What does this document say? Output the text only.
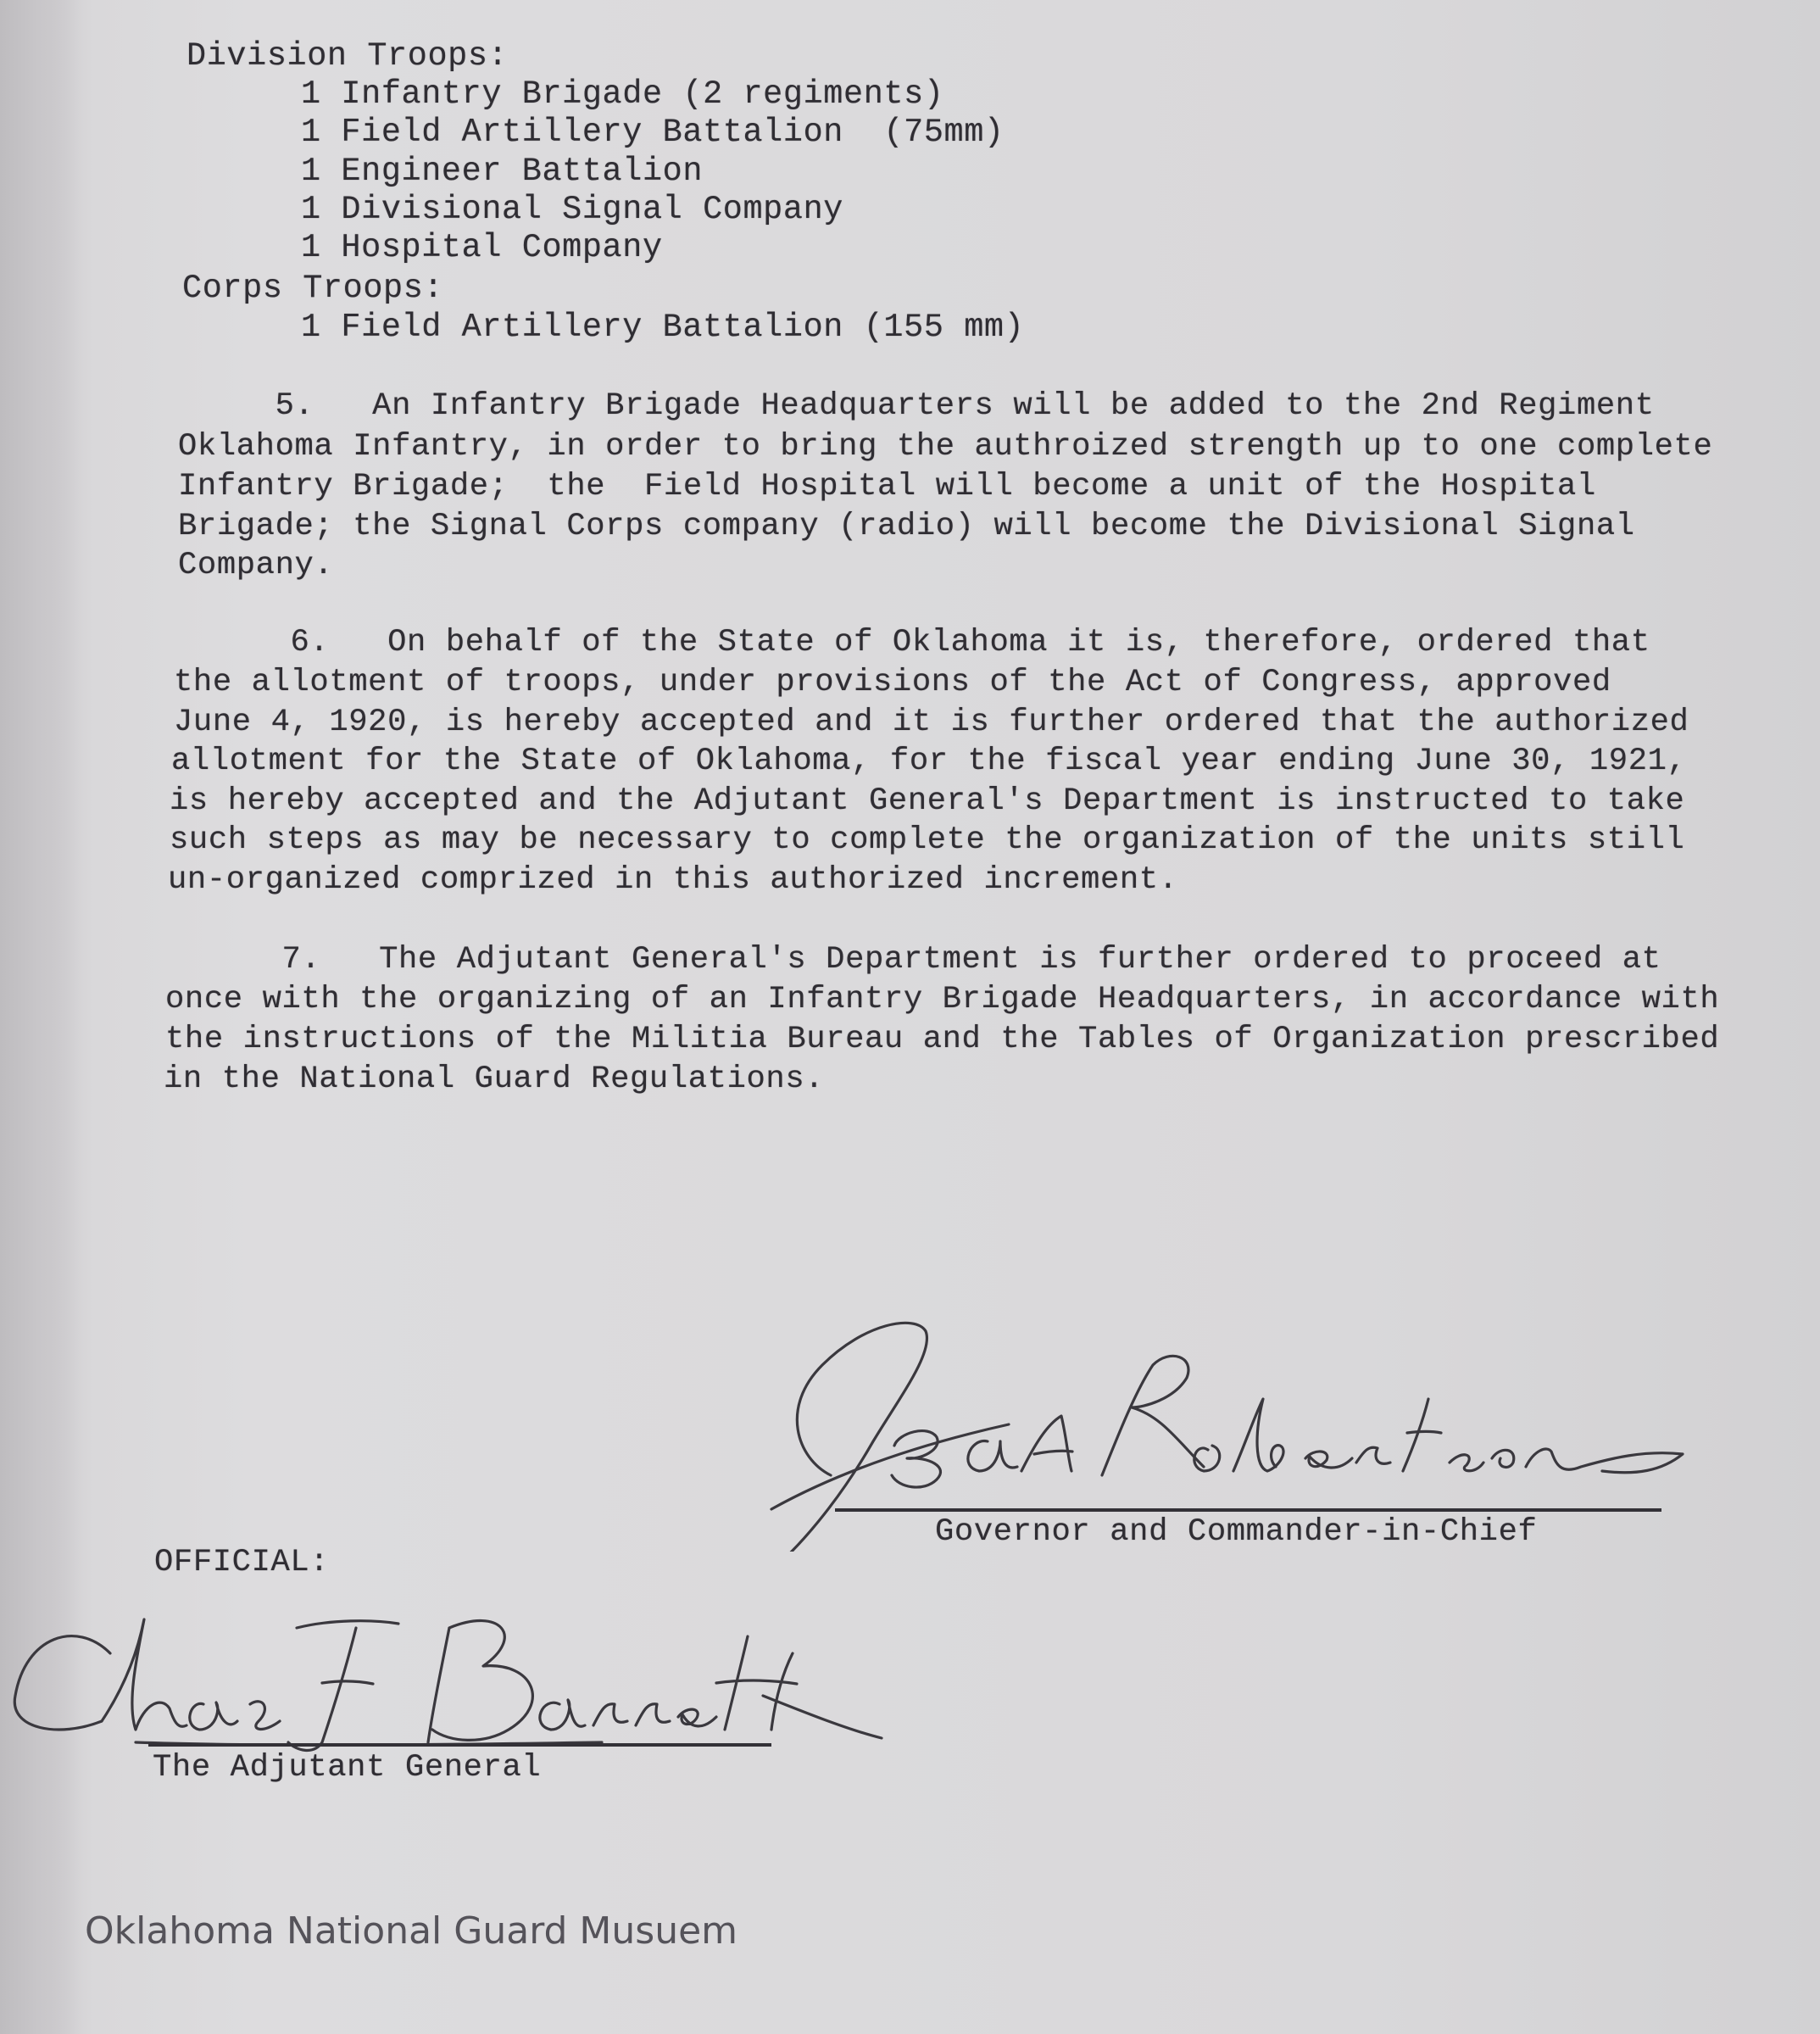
Division Troops:
1 Infantry Brigade (2 regiments)
1 Field Artillery Battalion  (75mm)
1 Engineer Battalion
1 Divisional Signal Company
1 Hospital Company
Corps Troops:
1 Field Artillery Battalion (155 mm)
5.   An Infantry Brigade Headquarters will be added to the 2nd Regiment
Oklahoma Infantry, in order to bring the authroized strength up to one complete
Infantry Brigade;  the  Field Hospital will become a unit of the Hospital
Brigade; the Signal Corps company (radio) will become the Divisional Signal
Company.
6.   On behalf of the State of Oklahoma it is, therefore, ordered that
the allotment of troops, under provisions of the Act of Congress, approved
June 4, 1920, is hereby accepted and it is further ordered that the authorized
allotment for the State of Oklahoma, for the fiscal year ending June 30, 1921,
is hereby accepted and the Adjutant General's Department is instructed to take
such steps as may be necessary to complete the organization of the units still
un-organized comprized in this authorized increment.
7.   The Adjutant General's Department is further ordered to proceed at
once with the organizing of an Infantry Brigade Headquarters, in accordance with
the instructions of the Militia Bureau and the Tables of Organization prescribed
in the National Guard Regulations.
Governor and Commander-in-Chief
OFFICIAL:
The Adjutant General
Oklahoma National Guard Musuem
